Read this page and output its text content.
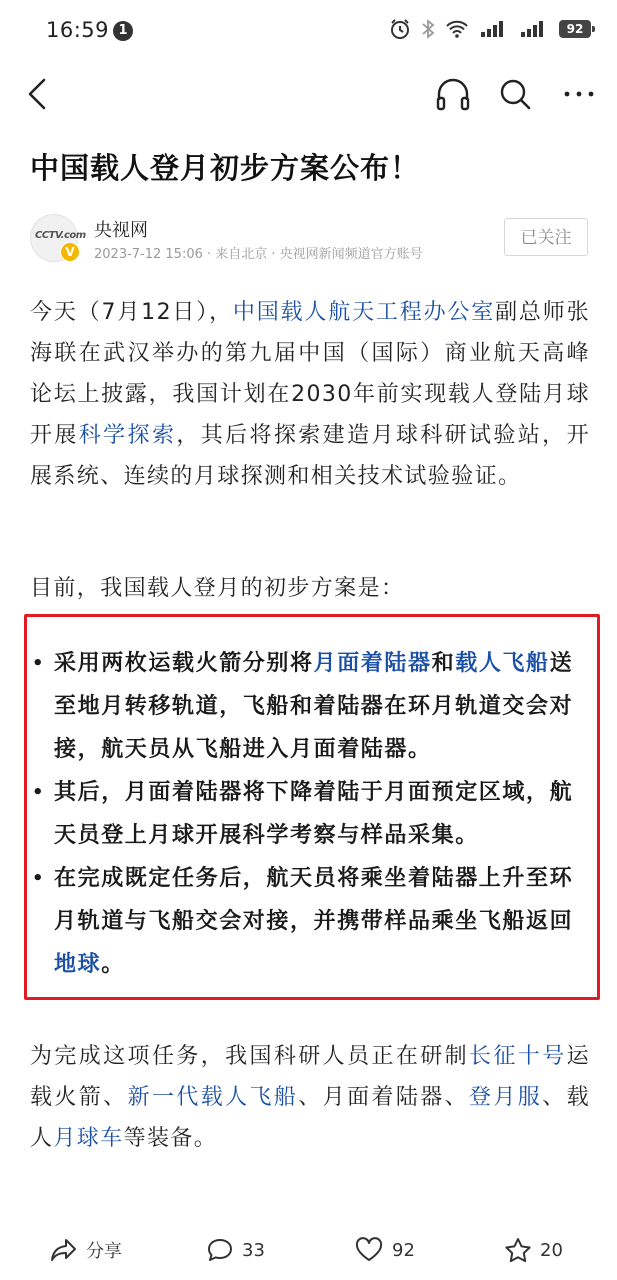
16:59 1	92
中国载人登月初步方案公布！
CCTV.com
V
央视网
2023-7-12 15:06 · 来自北京 · 央视网新闻频道官方账号
已关注
今天（7月12日），中国载人航天工程办公室副总师张海联在武汉举办的第九届中国（国际）商业航天高峰论坛上披露，我国计划在2030年前实现载人登陆月球开展科学探索，其后将探索建造月球科研试验站，开展系统、连续的月球探测和相关技术试验验证。
目前，我国载人登月的初步方案是：
• 采用两枚运载火箭分别将月面着陆器和载人飞船送至地月转移轨道，飞船和着陆器在环月轨道交会对接，航天员从飞船进入月面着陆器。
• 其后，月面着陆器将下降着陆于月面预定区域，航天员登上月球开展科学考察与样品采集。
• 在完成既定任务后，航天员将乘坐着陆器上升至环月轨道与飞船交会对接，并携带样品乘坐飞船返回地球。
为完成这项任务，我国科研人员正在研制长征十号运载火箭、新一代载人飞船、月面着陆器、登月服、载人月球车等装备。
分享	33	92	20
